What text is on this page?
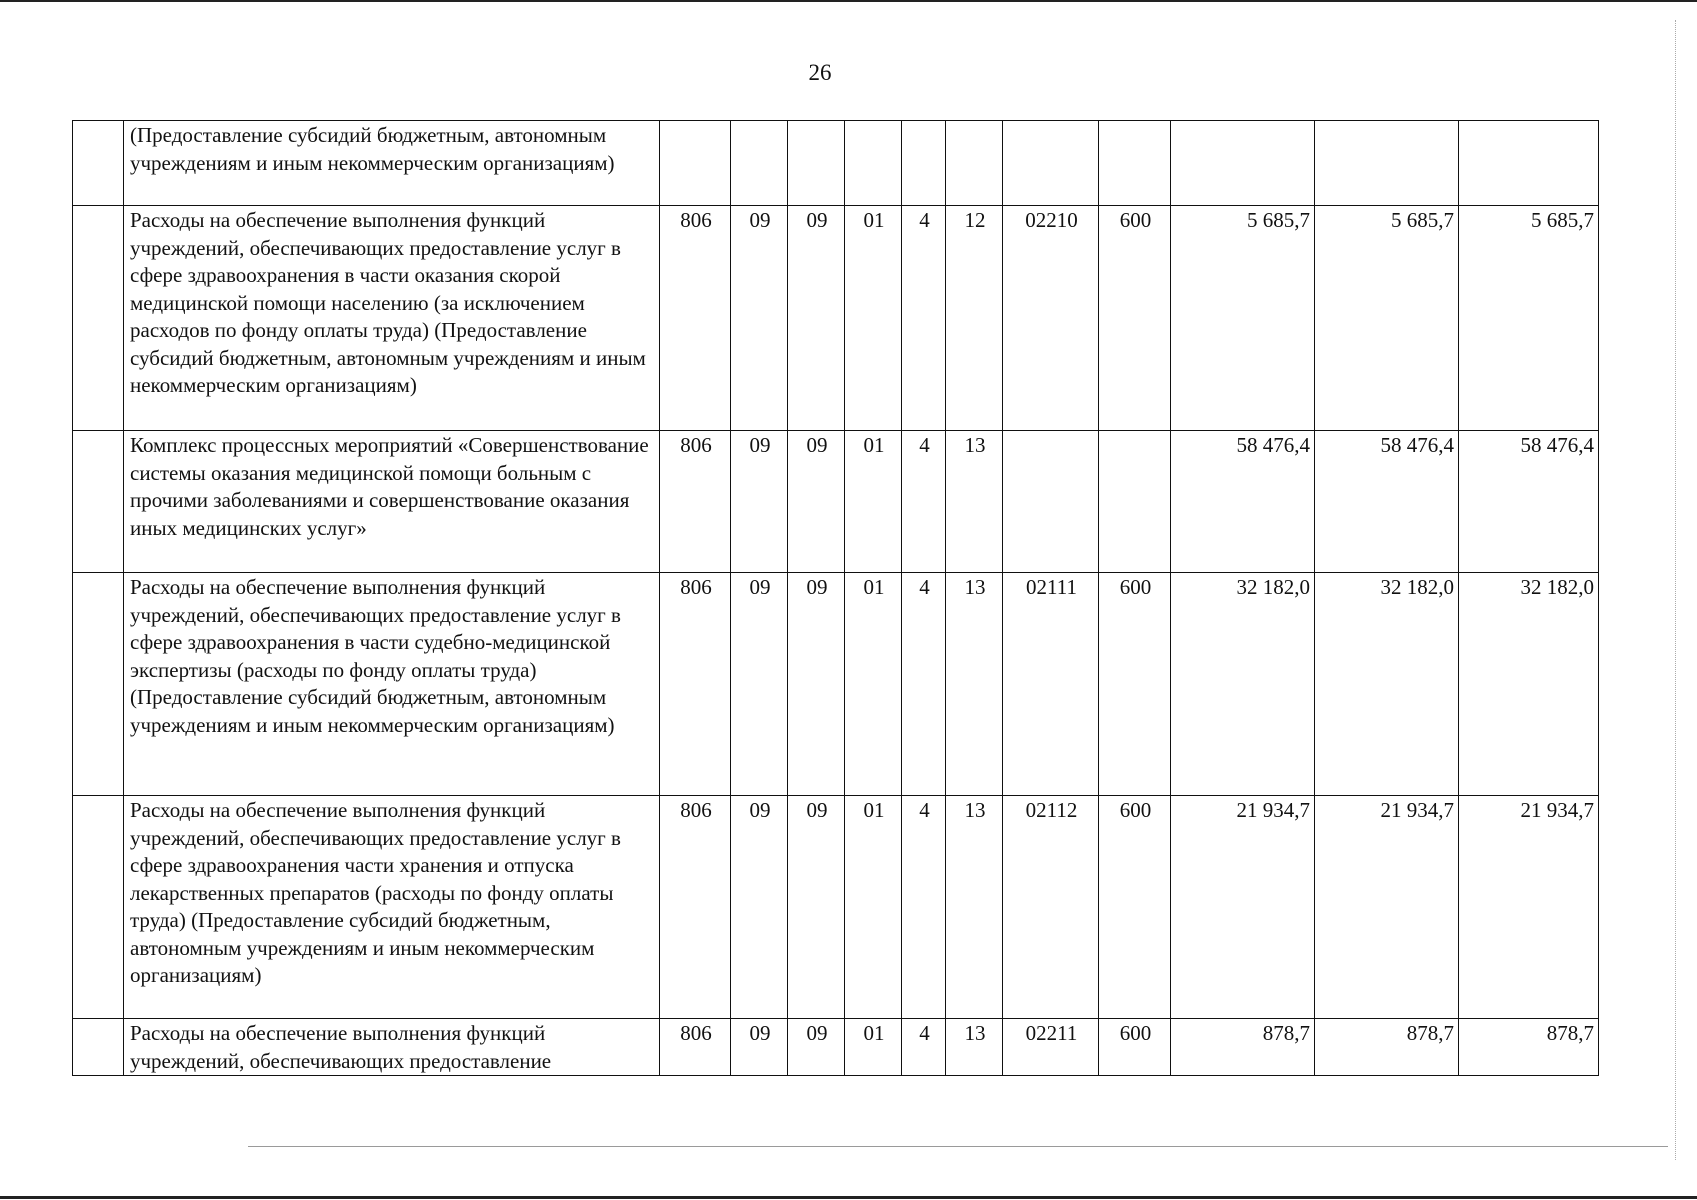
26
	(Предоставление субсидий бюджетным, автономным учреждениям и иным некоммерческим организациям)											
	Расходы на обеспечение выполнения функций учреждений, обеспечивающих предоставление услуг в сфере здравоохранения в части оказания скорой медицинской помощи населению (за исключением расходов по фонду оплаты труда) (Предоставление субсидий бюджетным, автономным учреждениям и иным некоммерческим организациям)	806	09	09	01	4	12	02210	600	5 685,7	5 685,7	5 685,7
	Комплекс процессных мероприятий «Совершенствование системы оказания медицинской помощи больным с прочими заболеваниями и совершенствование оказания иных медицинских услуг»	806	09	09	01	4	13			58 476,4	58 476,4	58 476,4
	Расходы на обеспечение выполнения функций учреждений, обеспечивающих предоставление услуг в сфере здравоохранения в части судебно-медицинской экспертизы (расходы по фонду оплаты труда) (Предоставление субсидий бюджетным, автономным учреждениям и иным некоммерческим организациям)	806	09	09	01	4	13	02111	600	32 182,0	32 182,0	32 182,0
	Расходы на обеспечение выполнения функций учреждений, обеспечивающих предоставление услуг в сфере здравоохранения части хранения и отпуска лекарственных препаратов (расходы по фонду оплаты труда) (Предоставление субсидий бюджетным, автономным учреждениям и иным некоммерческим организациям)	806	09	09	01	4	13	02112	600	21 934,7	21 934,7	21 934,7
	Расходы на обеспечение выполнения функций учреждений, обеспечивающих предоставление	806	09	09	01	4	13	02211	600	878,7	878,7	878,7
